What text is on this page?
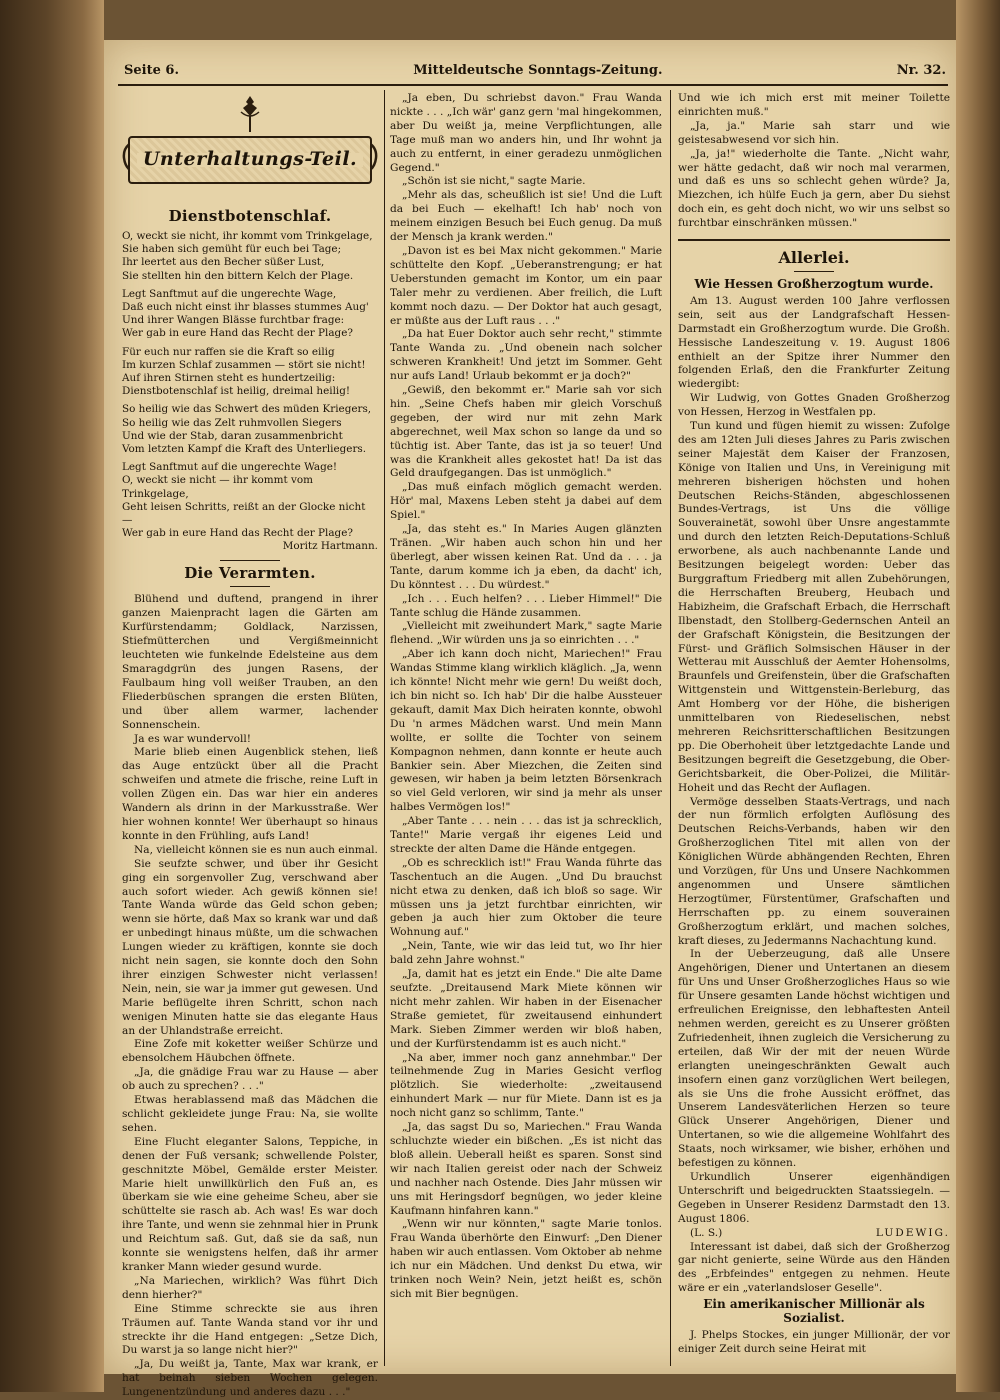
Seite 6.	Mitteldeutsche Sonntags-Zeitung.	Nr. 32.
Unterhaltungs-Teil.
Dienstbotenschlaf.

O, weckt sie nicht, ihr kommt vom Trinkgelage,

Sie haben sich gemüht für euch bei Tage;

Ihr leertet aus den Becher süßer Lust,

Sie stellten hin den bittern Kelch der Plage.

Legt Sanftmut auf die ungerechte Wage,

Daß euch nicht einst ihr blasses stummes Aug'

Und ihrer Wangen Blässe furchtbar frage:

Wer gab in eure Hand das Recht der Plage?

Für euch nur raffen sie die Kraft so eilig

Im kurzen Schlaf zusammen — stört sie nicht!

Auf ihren Stirnen steht es hundertzeilig:

Dienstbotenschlaf ist heilig, dreimal heilig!

So heilig wie das Schwert des müden Kriegers,

So heilig wie das Zelt ruhmvollen Siegers

Und wie der Stab, daran zusammenbricht

Vom letzten Kampf die Kraft des Unterliegers.

Legt Sanftmut auf die ungerechte Wage!

O, weckt sie nicht — ihr kommt vom Trinkgelage,

Geht leisen Schritts, reißt an der Glocke nicht —

Wer gab in eure Hand das Recht der Plage?

Moritz Hartmann.

Die Verarmten.

Blühend und duftend, prangend in ihrer ganzen Maienpracht lagen die Gärten am Kurfürstendamm; Goldlack, Narzissen, Stiefmütterchen und Vergißmeinnicht leuchteten wie funkelnde Edelsteine aus dem Smaragdgrün des jungen Rasens, der Faulbaum hing voll weißer Trauben, an den Fliederbüschen sprangen die ersten Blüten, und über allem warmer, lachender Sonnenschein.

Ja es war wundervoll!

Marie blieb einen Augenblick stehen, ließ das Auge entzückt über all die Pracht schweifen und atmete die frische, reine Luft in vollen Zügen ein. Das war hier ein anderes Wandern als drinn in der Markusstraße. Wer hier wohnen konnte! Wer überhaupt so hinaus konnte in den Frühling, aufs Land!

Na, vielleicht können sie es nun auch einmal.

Sie seufzte schwer, und über ihr Gesicht ging ein sorgenvoller Zug, verschwand aber auch sofort wieder. Ach gewiß können sie! Tante Wanda würde das Geld schon geben; wenn sie hörte, daß Max so krank war und daß er unbedingt hinaus müßte, um die schwachen Lungen wieder zu kräftigen, konnte sie doch nicht nein sagen, sie konnte doch den Sohn ihrer einzigen Schwester nicht verlassen! Nein, nein, sie war ja immer gut gewesen. Und Marie beflügelte ihren Schritt, schon nach wenigen Minuten hatte sie das elegante Haus an der Uhlandstraße erreicht.

Eine Zofe mit koketter weißer Schürze und ebensolchem Häubchen öffnete.

„Ja, die gnädige Frau war zu Hause — aber ob auch zu sprechen? . . ."

Etwas herablassend maß das Mädchen die schlicht gekleidete junge Frau: Na, sie wollte sehen.

Eine Flucht eleganter Salons, Teppiche, in denen der Fuß versank; schwellende Polster, geschnitzte Möbel, Gemälde erster Meister. Marie hielt unwillkürlich den Fuß an, es überkam sie wie eine geheime Scheu, aber sie schüttelte sie rasch ab. Ach was! Es war doch ihre Tante, und wenn sie zehnmal hier in Prunk und Reichtum saß. Gut, daß sie da saß, nun konnte sie wenigstens helfen, daß ihr armer kranker Mann wieder gesund wurde.

„Na Mariechen, wirklich? Was führt Dich denn hierher?"

Eine Stimme schreckte sie aus ihren Träumen auf. Tante Wanda stand vor ihr und streckte ihr die Hand entgegen: „Setze Dich, Du warst ja so lange nicht hier?"

„Ja, Du weißt ja, Tante, Max war krank, er hat beinah sieben Wochen gelegen. Lungenentzündung und anderes dazu . . ."

„Ja eben, Du schriebst davon." Frau Wanda nickte . . . „Ich wär' ganz gern 'mal hingekommen, aber Du weißt ja, meine Verpflichtungen, alle Tage muß man wo anders hin, und Ihr wohnt ja auch zu entfernt, in einer geradezu unmöglichen Gegend."

„Schön ist sie nicht," sagte Marie.

„Mehr als das, scheußlich ist sie! Und die Luft da bei Euch — ekelhaft! Ich hab' noch von meinem einzigen Besuch bei Euch genug. Da muß der Mensch ja krank werden."

„Davon ist es bei Max nicht gekommen." Marie schüttelte den Kopf. „Ueberanstrengung; er hat Ueberstunden gemacht im Kontor, um ein paar Taler mehr zu verdienen. Aber freilich, die Luft kommt noch dazu. — Der Doktor hat auch gesagt, er müßte aus der Luft raus . . ."

„Da hat Euer Doktor auch sehr recht," stimmte Tante Wanda zu. „Und obenein nach solcher schweren Krankheit! Und jetzt im Sommer. Geht nur aufs Land! Urlaub bekommt er ja doch?"

„Gewiß, den bekommt er." Marie sah vor sich hin. „Seine Chefs haben mir gleich Vorschuß gegeben, der wird nur mit zehn Mark abgerechnet, weil Max schon so lange da und so tüchtig ist. Aber Tante, das ist ja so teuer! Und was die Krankheit alles gekostet hat! Da ist das Geld draufgegangen. Das ist unmöglich."

„Das muß einfach möglich gemacht werden. Hör' mal, Maxens Leben steht ja dabei auf dem Spiel."

„Ja, das steht es." In Maries Augen glänzten Tränen. „Wir haben auch schon hin und her überlegt, aber wissen keinen Rat. Und da . . . ja Tante, darum komme ich ja eben, da dacht' ich, Du könntest . . . Du würdest."

„Ich . . . Euch helfen? . . . Lieber Himmel!" Die Tante schlug die Hände zusammen.

„Vielleicht mit zweihundert Mark," sagte Marie flehend. „Wir würden uns ja so einrichten . . ."

„Aber ich kann doch nicht, Mariechen!" Frau Wandas Stimme klang wirklich kläglich. „Ja, wenn ich könnte! Nicht mehr wie gern! Du weißt doch, ich bin nicht so. Ich hab' Dir die halbe Aussteuer gekauft, damit Max Dich heiraten konnte, obwohl Du 'n armes Mädchen warst. Und mein Mann wollte, er sollte die Tochter von seinem Kompagnon nehmen, dann konnte er heute auch Bankier sein. Aber Miezchen, die Zeiten sind gewesen, wir haben ja beim letzten Börsenkrach so viel Geld verloren, wir sind ja mehr als unser halbes Vermögen los!"

„Aber Tante . . . nein . . . das ist ja schrecklich, Tante!" Marie vergaß ihr eigenes Leid und streckte der alten Dame die Hände entgegen.

„Ob es schrecklich ist!" Frau Wanda führte das Taschentuch an die Augen. „Und Du brauchst nicht etwa zu denken, daß ich bloß so sage. Wir müssen uns ja jetzt furchtbar einrichten, wir geben ja auch hier zum Oktober die teure Wohnung auf."

„Nein, Tante, wie wir das leid tut, wo Ihr hier bald zehn Jahre wohnst."

„Ja, damit hat es jetzt ein Ende." Die alte Dame seufzte. „Dreitausend Mark Miete können wir nicht mehr zahlen. Wir haben in der Eisenacher Straße gemietet, für zweitausend einhundert Mark. Sieben Zimmer werden wir bloß haben, und der Kurfürstendamm ist es auch nicht."

„Na aber, immer noch ganz annehmbar." Der teilnehmende Zug in Maries Gesicht verflog plötzlich. Sie wiederholte: „zweitausend einhundert Mark — nur für Miete. Dann ist es ja noch nicht ganz so schlimm, Tante."

„Ja, das sagst Du so, Mariechen." Frau Wanda schluchzte wieder ein bißchen. „Es ist nicht das bloß allein. Ueberall heißt es sparen. Sonst sind wir nach Italien gereist oder nach der Schweiz und nachher nach Ostende. Dies Jahr müssen wir uns mit Heringsdorf begnügen, wo jeder kleine Kaufmann hinfahren kann."

„Wenn wir nur könnten," sagte Marie tonlos. Frau Wanda überhörte den Einwurf: „Den Diener haben wir auch entlassen. Vom Oktober ab nehme ich nur ein Mädchen. Und denkst Du etwa, wir trinken noch Wein? Nein, jetzt heißt es, schön sich mit Bier begnügen.

Und wie ich mich erst mit meiner Toilette einrichten muß."

„Ja, ja." Marie sah starr und wie geistesabwesend vor sich hin.

„Ja, ja!" wiederholte die Tante. „Nicht wahr, wer hätte gedacht, daß wir noch mal verarmen, und daß es uns so schlecht gehen würde? Ja, Miezchen, ich hülfe Euch ja gern, aber Du siehst doch ein, es geht doch nicht, wo wir uns selbst so furchtbar einschränken müssen."

Allerlei.
Wie Hessen Großherzogtum wurde.

Am 13. August werden 100 Jahre verflossen sein, seit aus der Landgrafschaft Hessen-Darmstadt ein Großherzogtum wurde. Die Großh. Hessische Landeszeitung v. 19. August 1806 enthielt an der Spitze ihrer Nummer den folgenden Erlaß, den die Frankfurter Zeitung wiedergibt:

Wir Ludwig, von Gottes Gnaden Großherzog von Hessen, Herzog in Westfalen pp.

Tun kund und fügen hiemit zu wissen: Zufolge des am 12ten Juli dieses Jahres zu Paris zwischen seiner Majestät dem Kaiser der Franzosen, Könige von Italien und Uns, in Vereinigung mit mehreren bisherigen höchsten und hohen Deutschen Reichs-Ständen, abgeschlossenen Bundes-Vertrags, ist Uns die völlige Souverainetät, sowohl über Unsre angestammte und durch den letzten Reich-Deputations-Schluß erworbene, als auch nachbenannte Lande und Besitzungen beigelegt worden: Ueber das Burggraftum Friedberg mit allen Zubehörungen, die Herrschaften Breuberg, Heubach und Habizheim, die Grafschaft Erbach, die Herrschaft Ilbenstadt, den Stollberg-Gedernschen Anteil an der Grafschaft Königstein, die Besitzungen der Fürst- und Gräflich Solmsischen Häuser in der Wetterau mit Ausschluß der Aemter Hohensolms, Braunfels und Greifenstein, über die Grafschaften Wittgenstein und Wittgenstein-Berleburg, das Amt Homberg vor der Höhe, die bisherigen unmittelbaren von Riedeselischen, nebst mehreren Reichsritterschaftlichen Besitzungen pp. Die Oberhoheit über letztgedachte Lande und Besitzungen begreift die Gesetzgebung, die Ober-Gerichtsbarkeit, die Ober-Polizei, die Militär-Hoheit und das Recht der Auflagen.

Vermöge desselben Staats-Vertrags, und nach der nun förmlich erfolgten Auflösung des Deutschen Reichs-Verbands, haben wir den Großherzoglichen Titel mit allen von der Königlichen Würde abhängenden Rechten, Ehren und Vorzügen, für Uns und Unsere Nachkommen angenommen und Unsere sämtlichen Herzogtümer, Fürstentümer, Grafschaften und Herrschaften pp. zu einem souverainen Großherzogtum erklärt, und machen solches, kraft dieses, zu Jedermanns Nachachtung kund.

In der Ueberzeugung, daß alle Unsere Angehörigen, Diener und Untertanen an diesem für Uns und Unser Großherzogliches Haus so wie für Unsere gesamten Lande höchst wichtigen und erfreulichen Ereignisse, den lebhaftesten Anteil nehmen werden, gereicht es zu Unserer größten Zufriedenheit, ihnen zugleich die Versicherung zu erteilen, daß Wir der mit der neuen Würde erlangten uneingeschränkten Gewalt auch insofern einen ganz vorzüglichen Wert beilegen, als sie Uns die frohe Aussicht eröffnet, das Unserem Landesväterlichen Herzen so teure Glück Unserer Angehörigen, Diener und Untertanen, so wie die allgemeine Wohlfahrt des Staats, noch wirksamer, wie bisher, erhöhen und befestigen zu können.

Urkundlich Unserer eigenhändigen Unterschrift und beigedruckten Staatssiegeln. — Gegeben in Unserer Residenz Darmstadt den 13. August 1806.

(L. S.)	LUDEWIG.

Interessant ist dabei, daß sich der Großherzog gar nicht genierte, seine Würde aus den Händen des „Erbfeindes" entgegen zu nehmen. Heute wäre er ein „vaterlandsloser Geselle".

Ein amerikanischer Millionär als Sozialist.

J. Phelps Stockes, ein junger Millionär, der vor einiger Zeit durch seine Heirat mit
